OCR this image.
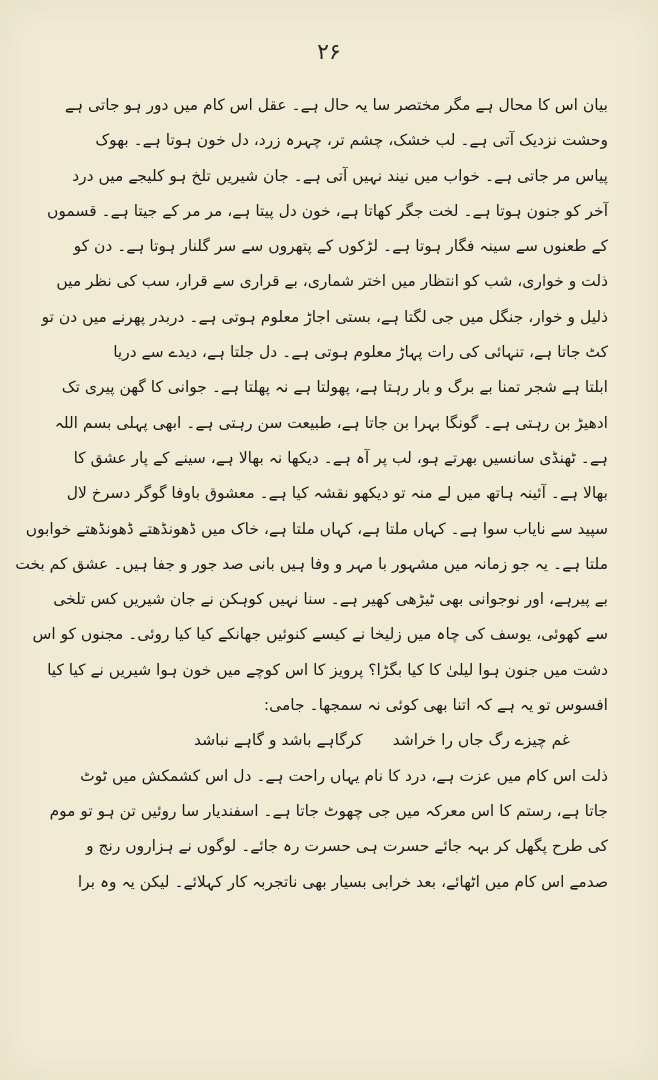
۲۶
بیان اس کا محال ہے مگر مختصر سا یہ حال ہے۔ عقل اس کام میں دور ہو جاتی ہے
وحشت نزدیک آتی ہے۔ لب خشک، چشم تر، چہرہ زرد، دل خون ہوتا ہے۔ بھوک
پیاس مر جاتی ہے۔ خواب میں نیند نہیں آتی ہے۔ جان شیریں تلخ ہو کلیجے میں درد
آخر کو جنون ہوتا ہے۔ لخت جگر کھاتا ہے، خون دل پیتا ہے، مر مر کے جیتا ہے۔ قسموں
کے طعنوں سے سینہ فگار ہوتا ہے۔ لڑکوں کے پتھروں سے سر گلنار ہوتا ہے۔ دن کو
ذلت و خواری، شب کو انتظار میں اختر شماری، بے قراری سے قرار، سب کی نظر میں
ذلیل و خوار، جنگل میں جی لگتا ہے، بستی اجاڑ معلوم ہوتی ہے۔ دربدر پھرنے میں دن تو
کٹ جاتا ہے، تنہائی کی رات پہاڑ معلوم ہوتی ہے۔ دل جلتا ہے، دیدے سے دریا
ابلتا ہے شجر تمنا بے برگ و بار رہتا ہے، پھولتا ہے نہ پھلتا ہے۔ جوانی کا گھن پیری تک
ادھیڑ بن رہتی ہے۔ گونگا بہرا بن جاتا ہے، طبیعت سن رہتی ہے۔ ابھی پہلی بسم اللہ
ہے۔ ٹھنڈی سانسیں بھرتے ہو، لب پر آہ ہے۔ دیکھا نہ بھالا ہے، سینے کے پار عشق کا
بھالا ہے۔ آئینہ ہاتھ میں لے منہ تو دیکھو نقشہ کیا ہے۔ معشوق باوفا گوگر دسرخ لال
سپید سے نایاب سوا ہے۔ کہاں ملتا ہے، کہاں ملتا ہے، خاک میں ڈھونڈھتے ڈھونڈھتے خوابوں
ملتا ہے۔ یہ جو زمانہ میں مشہور با مہر و وفا ہیں بانی صد جور و جفا ہیں۔ عشق کم بخت
بے پیرہے، اور نوجوانی بھی ٹیڑھی کھیر ہے۔ سنا نہیں کوہکن نے جان شیریں کس تلخی
سے کھوئی، یوسف کی چاہ میں زلیخا نے کیسے کنوئیں جھانکے کیا کیا روئی۔ مجنوں کو اس
دشت میں جنون ہوا لیلیٰ کا کیا بگڑا؟ پرویز کا اس کوچے میں خون ہوا شیریں نے کیا کیا
افسوس تو یہ ہے کہ اتنا بھی کوئی نہ سمجھا۔ جامی:
غم چیزے رگ جاں را خراشد
کرگاہے باشد و گاہے نباشد
ذلت اس کام میں عزت ہے، درد کا نام یہاں راحت ہے۔ دل اس کشمکش میں ٹوٹ
جاتا ہے، رستم کا اس معرکہ میں جی چھوٹ جاتا ہے۔ اسفندیار سا روئیں تن ہو تو موم
کی طرح پگھل کر بہہ جائے حسرت ہی حسرت رہ جائے۔ لوگوں نے ہزاروں رنج و
صدمے اس کام میں اٹھائے، بعد خرابی بسیار بھی ناتجربہ کار کہلائے۔ لیکن یہ وہ برا
